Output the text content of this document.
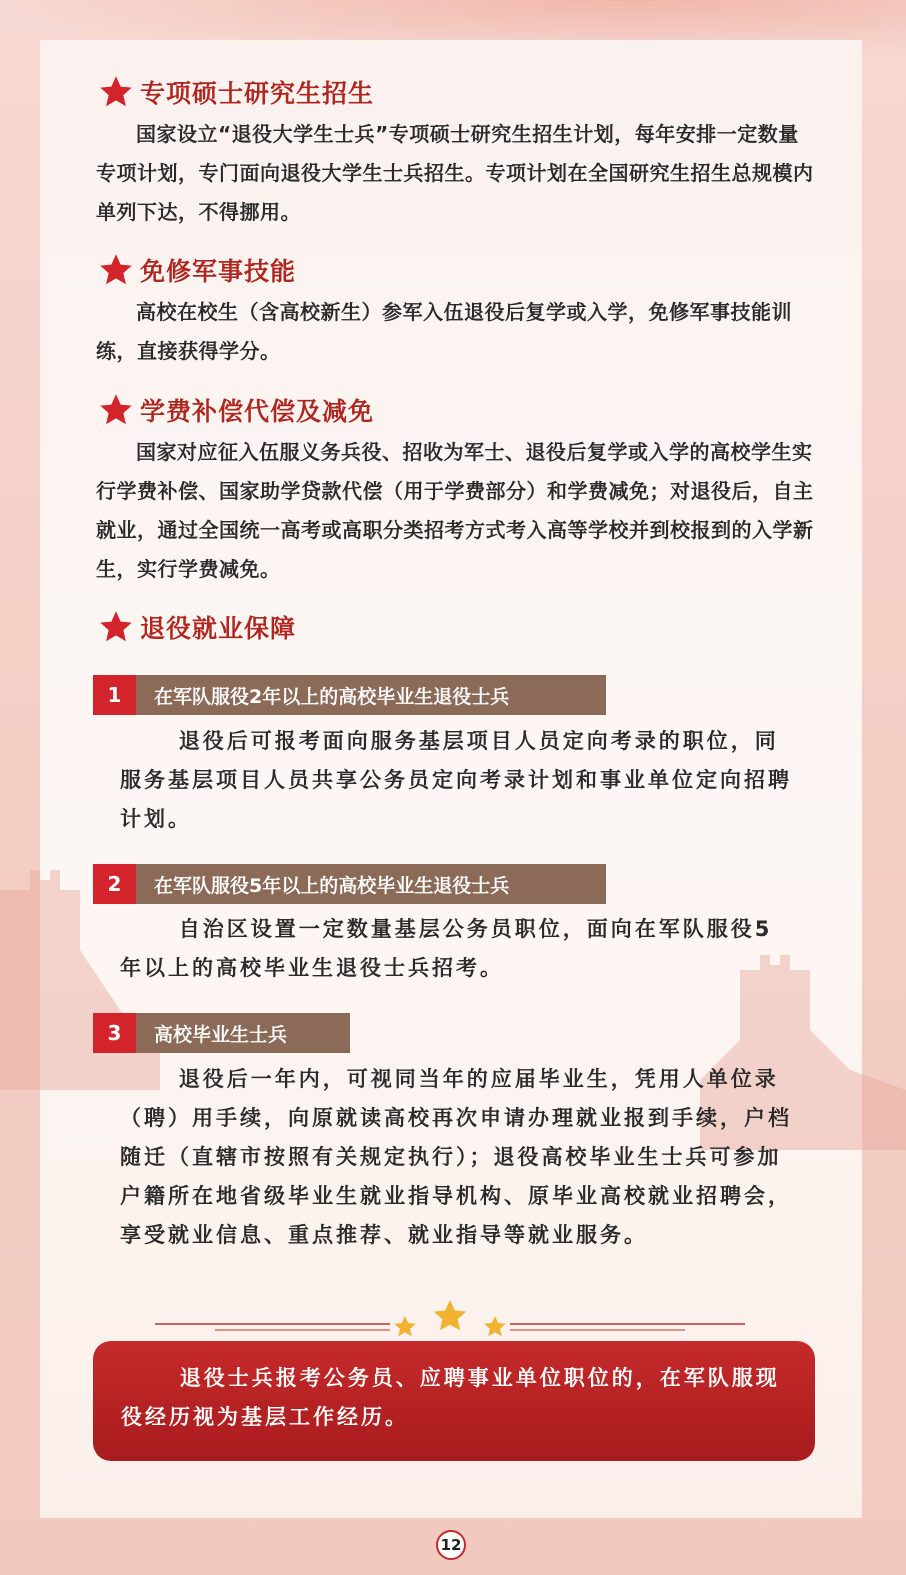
专项硕士研究生招生

国家设立“退役大学生士兵”专项硕士研究生招生计划，每年安排一定数量专项计划，专门面向退役大学生士兵招生。专项计划在全国研究生招生总规模内单列下达，不得挪用。

免修军事技能

高校在校生（含高校新生）参军入伍退役后复学或入学，免修军事技能训练，直接获得学分。

学费补偿代偿及减免

国家对应征入伍服义务兵役、招收为军士、退役后复学或入学的高校学生实行学费补偿、国家助学贷款代偿（用于学费部分）和学费减免；对退役后，自主就业，通过全国统一高考或高职分类招考方式考入高等学校并到校报到的入学新生，实行学费减免。

退役就业保障
1	在军队服役2年以上的高校毕业生退役士兵

退役后可报考面向服务基层项目人员定向考录的职位，同服务基层项目人员共享公务员定向考录计划和事业单位定向招聘计划。

2	在军队服役5年以上的高校毕业生退役士兵

自治区设置一定数量基层公务员职位，面向在军队服役5年以上的高校毕业生退役士兵招考。

3	高校毕业生士兵

退役后一年内，可视同当年的应届毕业生，凭用人单位录（聘）用手续，向原就读高校再次申请办理就业报到手续，户档随迁（直辖市按照有关规定执行）；退役高校毕业生士兵可参加户籍所在地省级毕业生就业指导机构、原毕业高校就业招聘会，享受就业信息、重点推荐、就业指导等就业服务。

退役士兵报考公务员、应聘事业单位职位的，在军队服现役经历视为基层工作经历。

12
